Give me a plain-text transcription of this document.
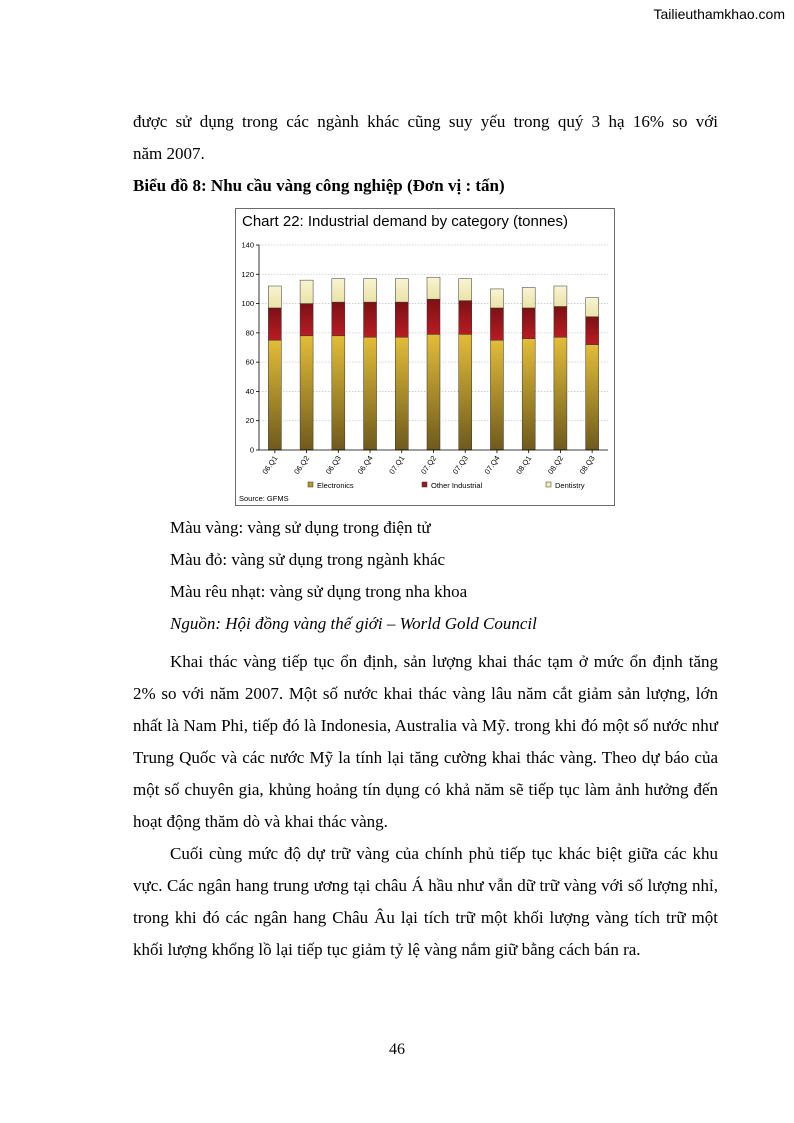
Tailieuthamkhao.com

được sử dụng trong các ngành khác cũng suy yếu trong quý 3 hạ 16% so với

năm 2007.

Biểu đồ 8: Nhu cầu vàng công nghiệp (Đơn vị : tấn)
Chart 22: Industrial demand by category (tonnes)
0
20
40
60
80
100
120
140
06.Q1 06.Q2 06.Q3 06.Q4 07.Q1 07.Q2 07.Q3 07.Q4 08.Q1 08.Q2 08.Q3
Electronics	Other Industrial	Dentistry
Source: GFMS

Màu vàng: vàng sử dụng trong điện tử

Màu đỏ: vàng sử dụng trong ngành khác

Màu rêu nhạt: vàng sử dụng trong nha khoa

Nguồn: Hội đồng vàng thế giới – World Gold Council

Khai thác vàng tiếp tục ổn định, sản lượng khai thác tạm ở mức ổn định tăng 2% so với năm 2007. Một số nước khai thác vàng lâu năm cắt giảm sản lượng, lớn nhất là Nam Phi, tiếp đó là Indonesia, Australia và Mỹ. trong khi đó một số nước như Trung Quốc và các nước Mỹ la tính lại tăng cường khai thác vàng. Theo dự báo của một số chuyên gia, khủng hoảng tín dụng có khả năm sẽ tiếp tục làm ảnh hưởng đến hoạt động thăm dò và khai thác vàng.

Cuối cùng mức độ dự trữ vàng của chính phủ tiếp tục khác biệt giữa các khu vực. Các ngân hang trung ương tại châu Á hầu như vẫn dữ trữ vàng với số lượng nhỉ, trong khi đó các ngân hang Châu Âu lại tích trữ một khối lượng vàng tích trữ một khối lượng khổng lồ lại tiếp tục giảm tỷ lệ vàng nắm giữ bằng cách bán ra.

46
